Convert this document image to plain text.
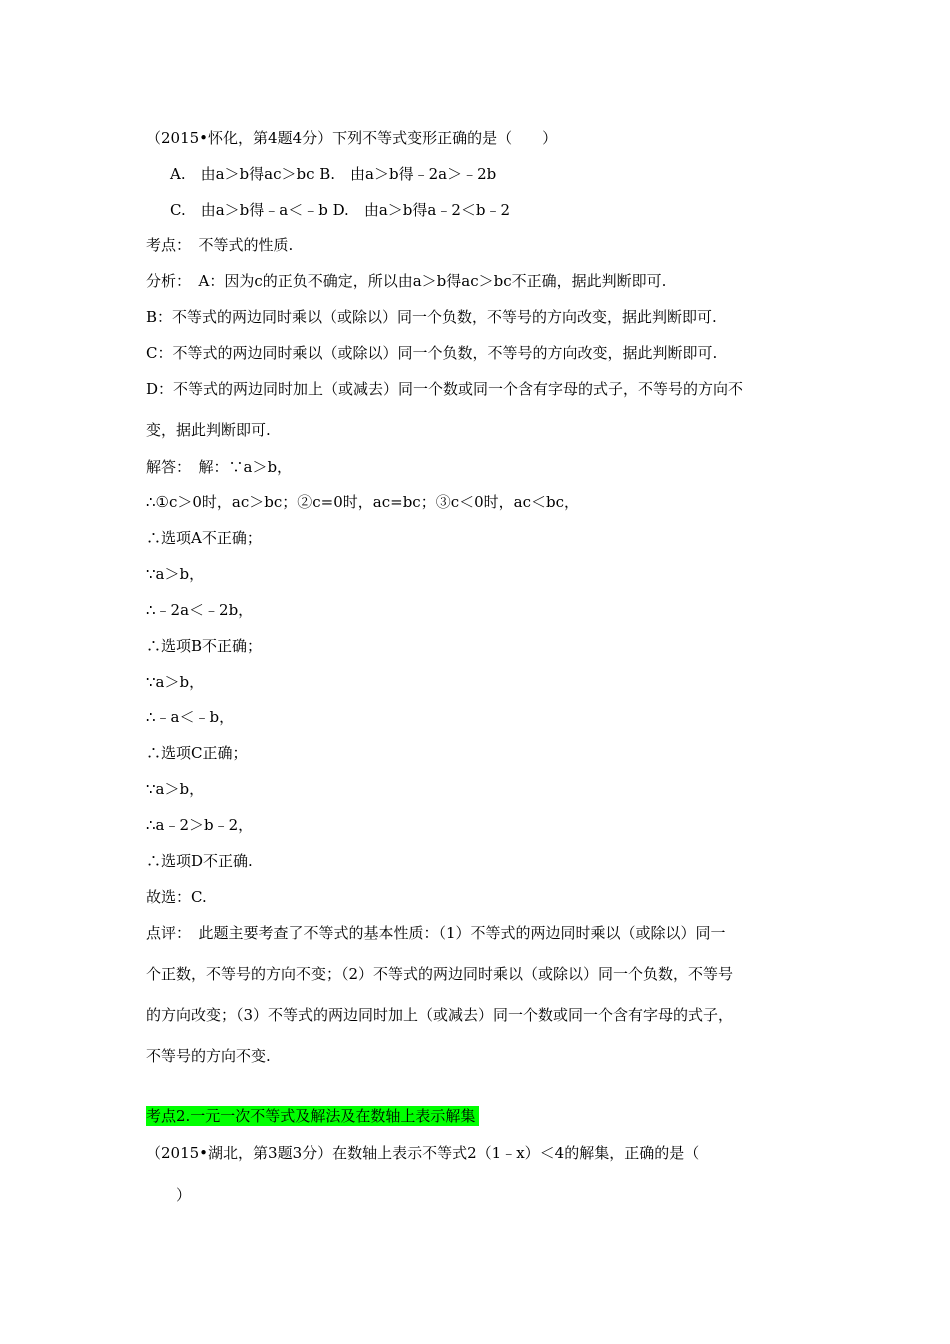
（2015•怀化，第4题4分）下列不等式变形正确的是（　　）
A.　由a＞b得ac＞bc B.　由a＞b得﹣2a＞﹣2b
C.　由a＞b得﹣a＜﹣b D.　由a＞b得a﹣2＜b﹣2
考点：　不等式的性质.
分析：　A：因为c的正负不确定，所以由a＞b得ac＞bc不正确，据此判断即可.
B：不等式的两边同时乘以（或除以）同一个负数，不等号的方向改变，据此判断即可.
C：不等式的两边同时乘以（或除以）同一个负数，不等号的方向改变，据此判断即可.
D：不等式的两边同时加上（或减去）同一个数或同一个含有字母的式子，不等号的方向不
变，据此判断即可.
解答：　解：∵a＞b，
∴①c＞0时，ac＞bc；②c=0时，ac=bc；③c＜0时，ac＜bc，
∴选项A不正确；
∵a＞b，
∴﹣2a＜﹣2b，
∴选项B不正确；
∵a＞b，
∴﹣a＜﹣b，
∴选项C正确；
∵a＞b，
∴a﹣2＞b﹣2，
∴选项D不正确.
故选：C.
点评：　此题主要考查了不等式的基本性质：（1）不等式的两边同时乘以（或除以）同一
个正数，不等号的方向不变；（2）不等式的两边同时乘以（或除以）同一个负数，不等号
的方向改变；（3）不等式的两边同时加上（或减去）同一个数或同一个含有字母的式子，
不等号的方向不变.
考点2.一元一次不等式及解法及在数轴上表示解集
（2015•湖北，第3题3分）在数轴上表示不等式2（1﹣x）＜4的解集，正确的是（
　　）
